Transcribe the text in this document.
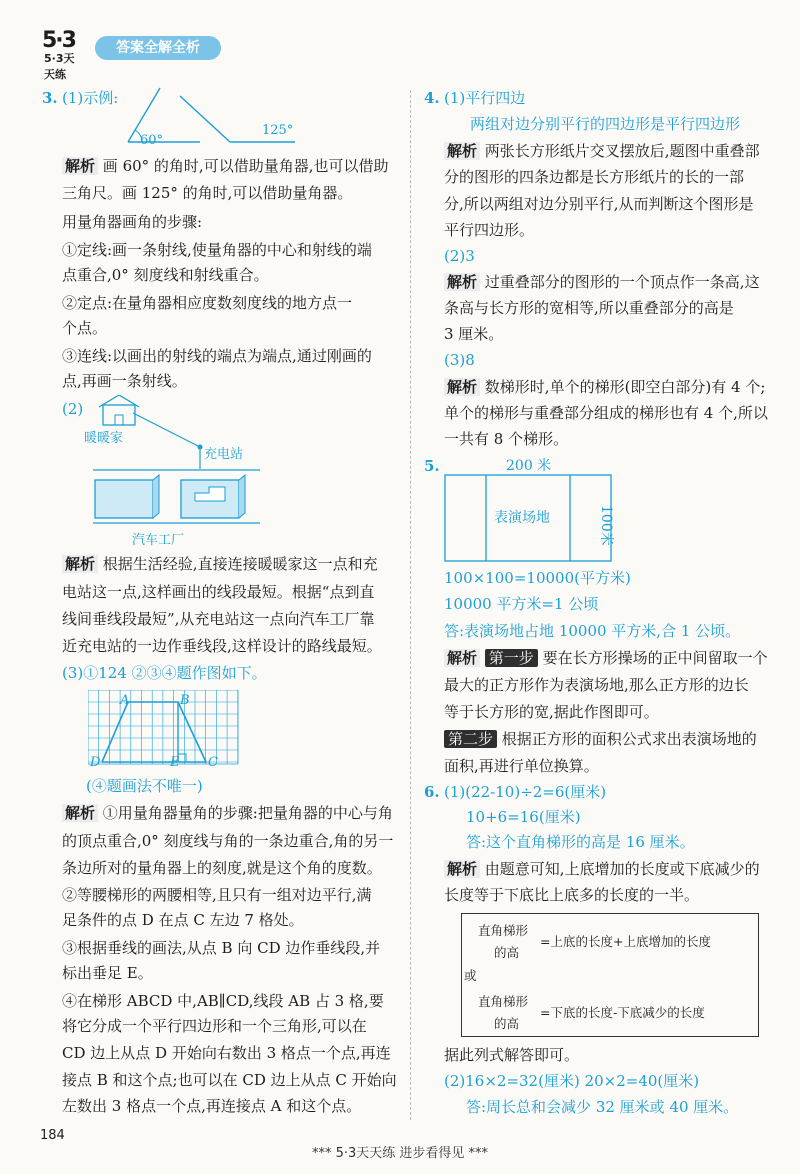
5·3
5·3天天练
答案全解全析
3. (1)示例:
60°
125°
解析 画 60° 的角时,可以借助量角器,也可以借助
三角尺。画 125° 的角时,可以借助量角器。
用量角器画角的步骤:
①定线:画一条射线,使量角器的中心和射线的端
点重合,0° 刻度线和射线重合。
②定点:在量角器相应度数刻度线的地方点一
个点。
③连线:以画出的射线的端点为端点,通过刚画的
点,再画一条射线。
(2)
暖暖家
充电站
汽车工厂
解析 根据生活经验,直接连接暖暖家这一点和充
电站这一点,这样画出的线段最短。根据“点到直
线间垂线段最短”,从充电站这一点向汽车工厂靠
近充电站的一边作垂线段,这样设计的路线最短。
(3)①124 ②③④题作图如下。
A	B
D	E C
(④题画法不唯一)
解析 ①用量角器量角的步骤:把量角器的中心与角
的顶点重合,0° 刻度线与角的一条边重合,角的另一
条边所对的量角器上的刻度,就是这个角的度数。
②等腰梯形的两腰相等,且只有一组对边平行,满
足条件的点 D 在点 C 左边 7 格处。
③根据垂线的画法,从点 B 向 CD 边作垂线段,并
标出垂足 E。
④在梯形 ABCD 中,AB∥CD,线段 AB 占 3 格,要
将它分成一个平行四边形和一个三角形,可以在
CD 边上从点 D 开始向右数出 3 格点一个点,再连
接点 B 和这个点;也可以在 CD 边上从点 C 开始向
左数出 3 格点一个点,再连接点 A 和这个点。
4. (1)平行四边
两组对边分别平行的四边形是平行四边形
解析 两张长方形纸片交叉摆放后,题图中重叠部
分的图形的四条边都是长方形纸片的长的一部
分,所以两组对边分别平行,从而判断这个图形是
平行四边形。
(2)3
解析 过重叠部分的图形的一个顶点作一条高,这
条高与长方形的宽相等,所以重叠部分的高是
3 厘米。
(3)8
解析 数梯形时,单个的梯形(即空白部分)有 4 个;
单个的梯形与重叠部分组成的梯形也有 4 个,所以
一共有 8 个梯形。
5.	200 米
表演场地	100米
100×100=10000(平方米)
10000 平方米=1 公顷
答:表演场地占地 10000 平方米,合 1 公顷。
解析 第一步 要在长方形操场的正中间留取一个
最大的正方形作为表演场地,那么正方形的边长
等于长方形的宽,据此作图即可。
第二步 根据正方形的面积公式求出表演场地的
面积,再进行单位换算。
6. (1)(22-10)÷2=6(厘米)
10+6=16(厘米)
答:这个直角梯形的高是 16 厘米。
解析 由题意可知,上底增加的长度或下底减少的
长度等于下底比上底多的长度的一半。
直角梯形
的高
=上底的长度+上底增加的长度
或
直角梯形
的高
=下底的长度-下底减少的长度
据此列式解答即可。
(2)16×2=32(厘米) 20×2=40(厘米)
答:周长总和会减少 32 厘米或 40 厘米。
184
*** 5·3天天练 进步看得见 ***
